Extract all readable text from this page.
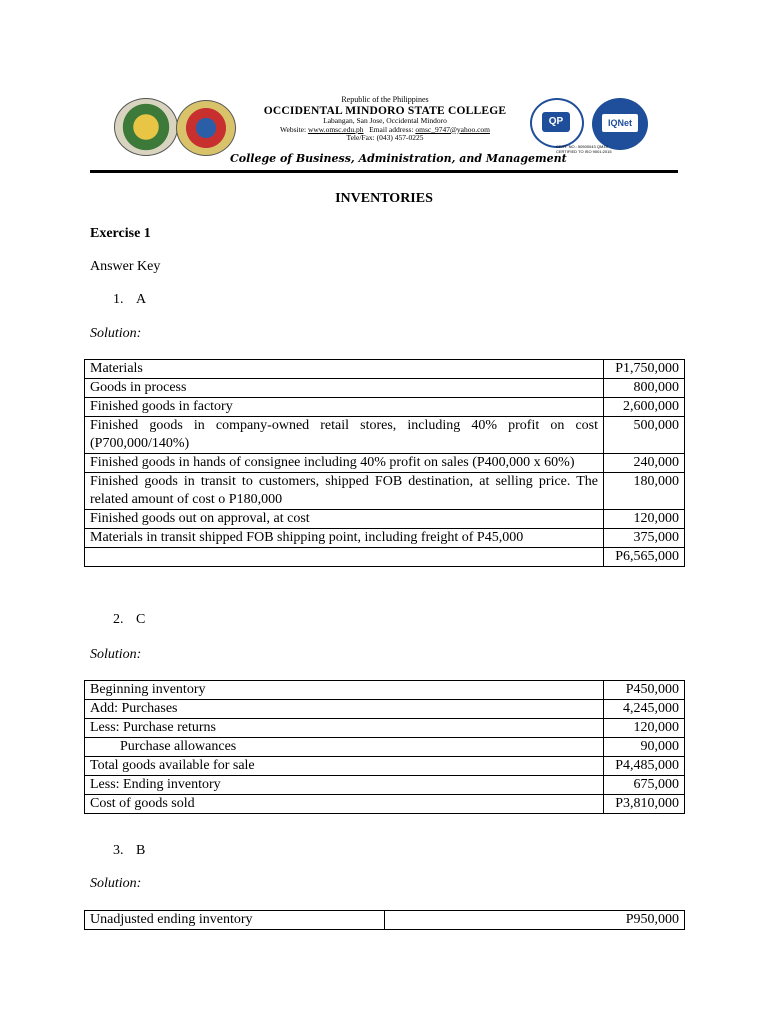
Republic of the Philippines
OCCIDENTAL MINDORO STATE COLLEGE
Labangan, San Jose, Occidental Mindoro
Website: www.omsc.edu.ph Email address: omsc_9747@yahoo.com
Tele/Fax: (043) 457-0225
QP	IQNet
CERT. NO.: 50500043 QM15
CERTIFIED TO ISO 9001:2015
College of Business, Administration, and Management
INVENTORIES
Exercise 1
Answer Key
1. A
Solution:
Materials	P1,750,000
Goods in process	800,000
Finished goods in factory	2,600,000
Finished goods in company-owned retail stores, including 40% profit on cost (P700,000/140%)	500,000
Finished goods in hands of consignee including 40% profit on sales (P400,000 x 60%)	240,000
Finished goods in transit to customers, shipped FOB destination, at selling price. The related amount of cost o P180,000	180,000
Finished goods out on approval, at cost	120,000
Materials in transit shipped FOB shipping point, including freight of P45,000	375,000
	P6,565,000
2. C
Solution:
Beginning inventory	P450,000
Add: Purchases	4,245,000
Less: Purchase returns	120,000
Purchase allowances	90,000
Total goods available for sale	P4,485,000
Less: Ending inventory	675,000
Cost of goods sold	P3,810,000
3. B
Solution:
Unadjusted ending inventory	P950,000
